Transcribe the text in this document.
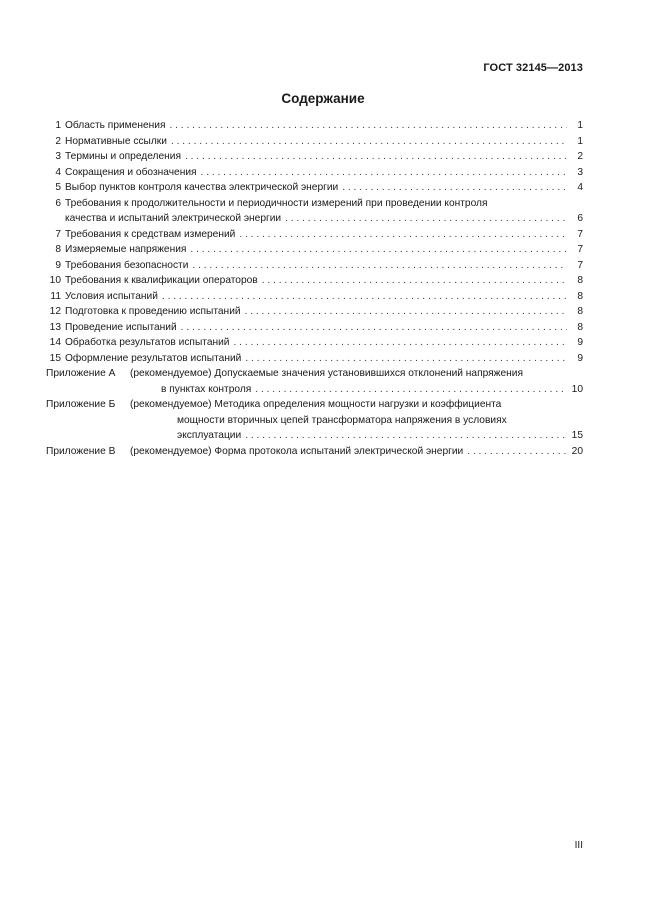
ГОСТ 32145—2013
Содержание
1 Область применения . . .	1
2 Нормативные ссылки . . .	1
3 Термины и определения . . .	2
4 Сокращения и обозначения . . .	3
5 Выбор пунктов контроля качества электрической энергии . . .	4
6 Требования к продолжительности и периодичности измерений при проведении контроля
качества и испытаний электрической энергии . . .	6
7 Требования к средствам измерений . . .	7
8 Измеряемые напряжения . . .	7
9 Требования безопасности . . .	7
10 Требования к квалификации операторов . . .	8
11 Условия испытаний . . .	8
12 Подготовка к проведению испытаний . . .	8
13 Проведение испытаний . . .	8
14 Обработка результатов испытаний . . .	9
15 Оформление результатов испытаний . . .	9
Приложение А (рекомендуемое) Допускаемые значения установившихся отклонений напряжения
в пунктах контроля . . .	10
Приложение Б (рекомендуемое) Методика определения мощности нагрузки и коэффициента
мощности вторичных цепей трансформатора напряжения в условиях
эксплуатации . . .	15
Приложение В (рекомендуемое) Форма протокола испытаний электрической энергии . . .	20
III
